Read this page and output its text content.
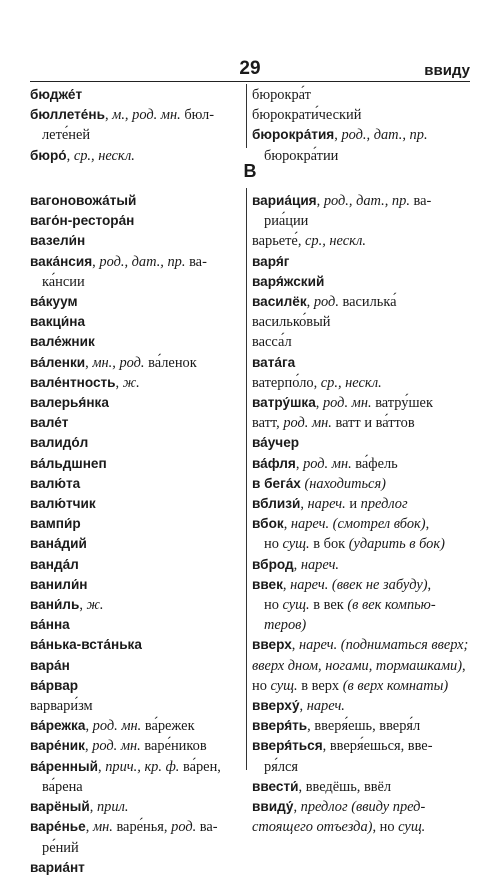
29	ввиду
бюдже́т
бюллете́нь, м., род. мн. бюл-
лете́ней
бюро́, ср., нескл.
бюрокра́т
бюрократи́ческий
бюрокра́тия, род., дат., пр.
бюрокра́тии
В
вагоновожа́тый
ваго́н-рестора́н
вазели́н
вака́нсия, род., дат., пр. ва-
ка́нсии
ва́куум
вакци́на
вале́жник
ва́ленки, мн., род. ва́ленок
вале́нтность, ж.
валерья́нка
вале́т
валидо́л
ва́льдшнеп
валю́та
валю́тчик
вампи́р
вана́дий
ванда́л
ванили́н
вани́ль, ж.
ва́нна
ва́нька-вста́нька
вара́н
ва́рвар
варвари́зм
ва́режка, род. мн. ва́режек
варе́ник, род. мн. варе́ников
ва́ренный, прич., кр. ф. ва́рен,
ва́рена
варёный, прил.
варе́нье, мн. варе́нья, род. ва-
ре́ний
вариа́нт
вариа́ция, род., дат., пр. ва-
риа́ции
варьете́, ср., нескл.
варя́г
варя́жский
василёк, род. василька́
василько́вый
васса́л
вата́га
ватерпо́ло, ср., нескл.
ватру́шка, род. мн. ватру́шек
ватт, род. мн. ватт и ва́ттов
ва́учер
ва́фля, род. мн. ва́фель
в бега́х (находиться)
вблизи́, нареч. и предлог
вбок, нареч. (смотрел вбок),
но сущ. в бок (ударить в бок)
вброд, нареч.
ввек, нареч. (ввек не забуду),
но сущ. в век (в век компью-теров)
вверх, нареч. (подниматься вверх; вверх дном, ногами, тормашками), но сущ. в верх (в верх комнаты)
вверху́, нареч.
вверя́ть, вверя́ешь, вверя́л
вверя́ться, вверя́ешься, вве-
ря́лся
ввести́, введёшь, ввёл
ввиду́, предлог (ввиду пред-стоящего отъезда), но сущ.
